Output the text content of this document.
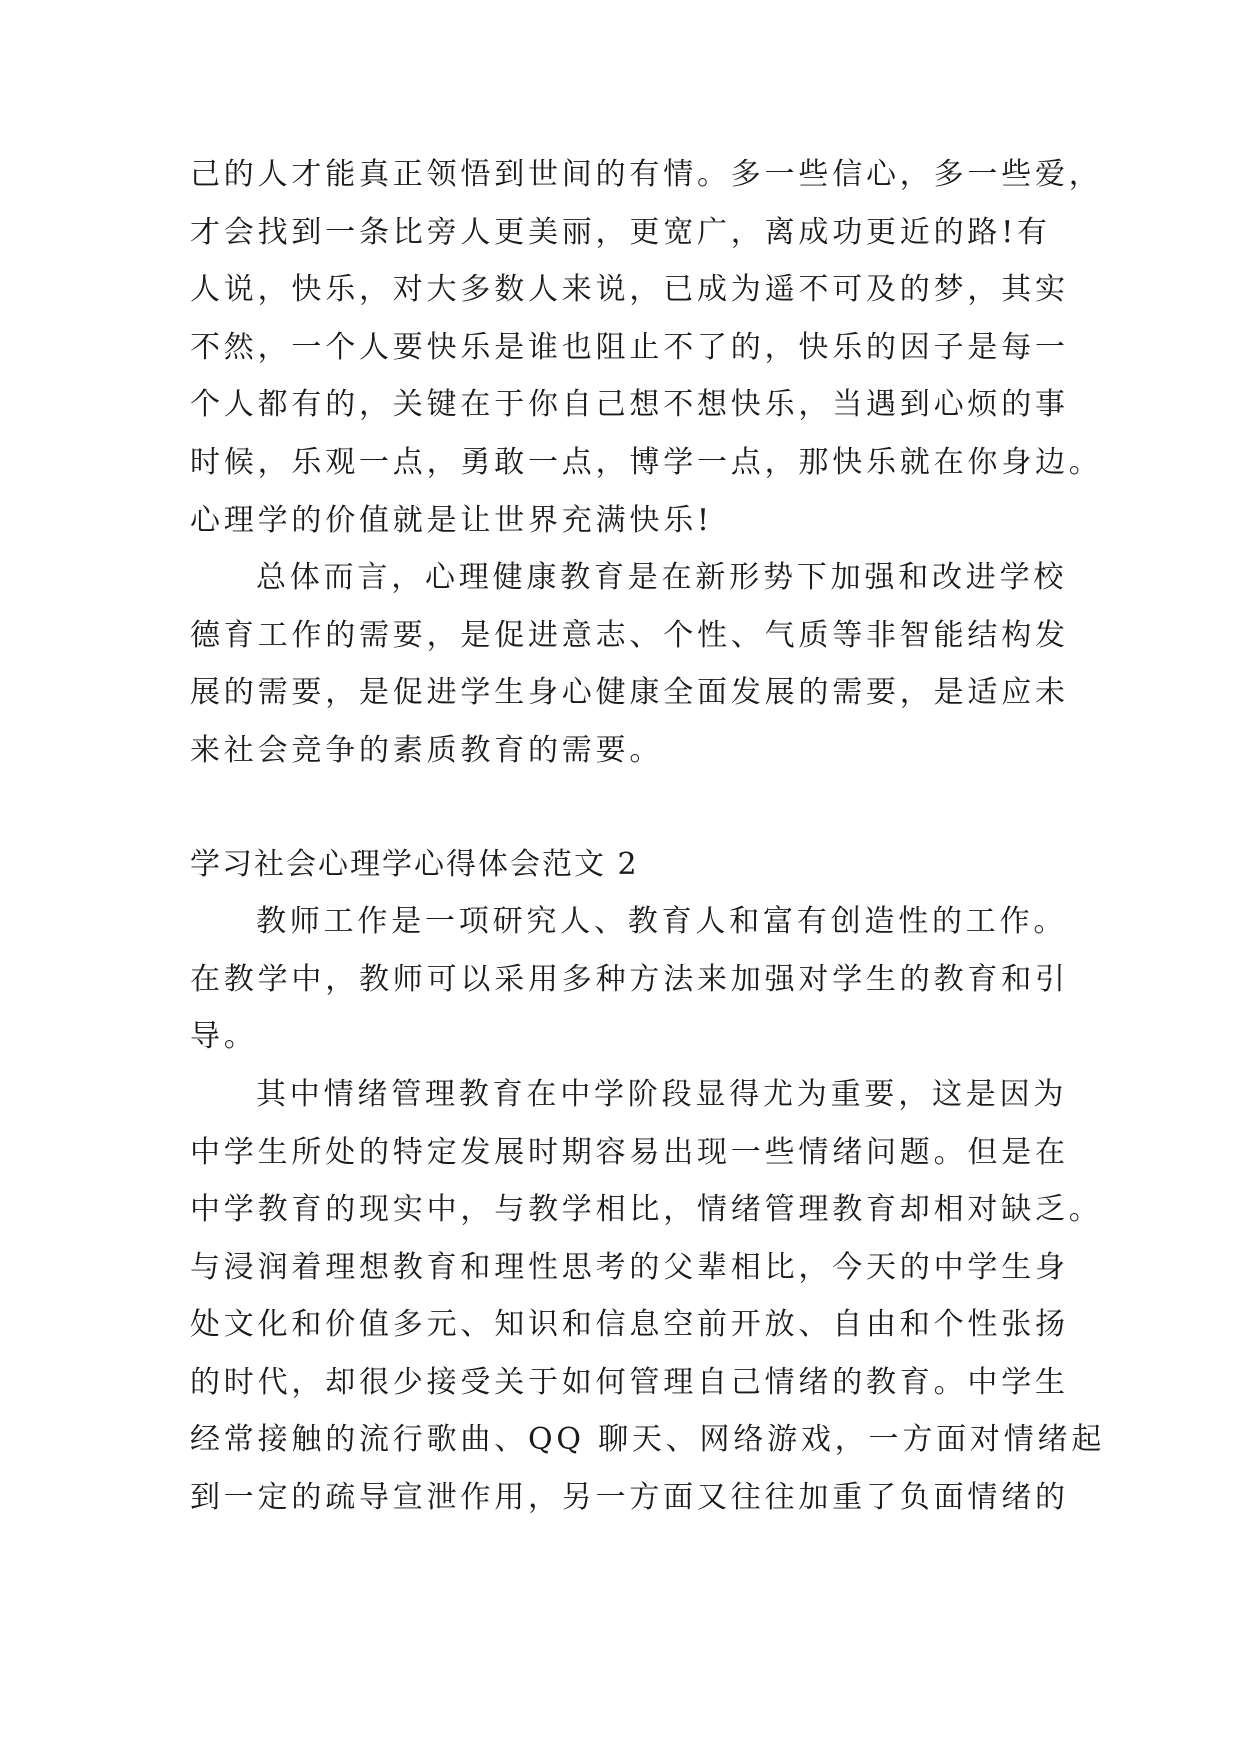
己的人才能真正领悟到世间的有情。多一些信心，多一些爱，
才会找到一条比旁人更美丽，更宽广，离成功更近的路!有
人说，快乐，对大多数人来说，已成为遥不可及的梦，其实
不然，一个人要快乐是谁也阻止不了的，快乐的因子是每一
个人都有的，关键在于你自己想不想快乐，当遇到心烦的事
时候，乐观一点，勇敢一点，博学一点，那快乐就在你身边。
心理学的价值就是让世界充满快乐!
总体而言，心理健康教育是在新形势下加强和改进学校
德育工作的需要，是促进意志、个性、气质等非智能结构发
展的需要，是促进学生身心健康全面发展的需要，是适应未
来社会竞争的素质教育的需要。
学习社会心理学心得体会范文 2
教师工作是一项研究人、教育人和富有创造性的工作。
在教学中，教师可以采用多种方法来加强对学生的教育和引
导。
其中情绪管理教育在中学阶段显得尤为重要，这是因为
中学生所处的特定发展时期容易出现一些情绪问题。但是在
中学教育的现实中，与教学相比，情绪管理教育却相对缺乏。
与浸润着理想教育和理性思考的父辈相比，今天的中学生身
处文化和价值多元、知识和信息空前开放、自由和个性张扬
的时代，却很少接受关于如何管理自己情绪的教育。中学生
经常接触的流行歌曲、QQ 聊天、网络游戏，一方面对情绪起
到一定的疏导宣泄作用，另一方面又往往加重了负面情绪的
